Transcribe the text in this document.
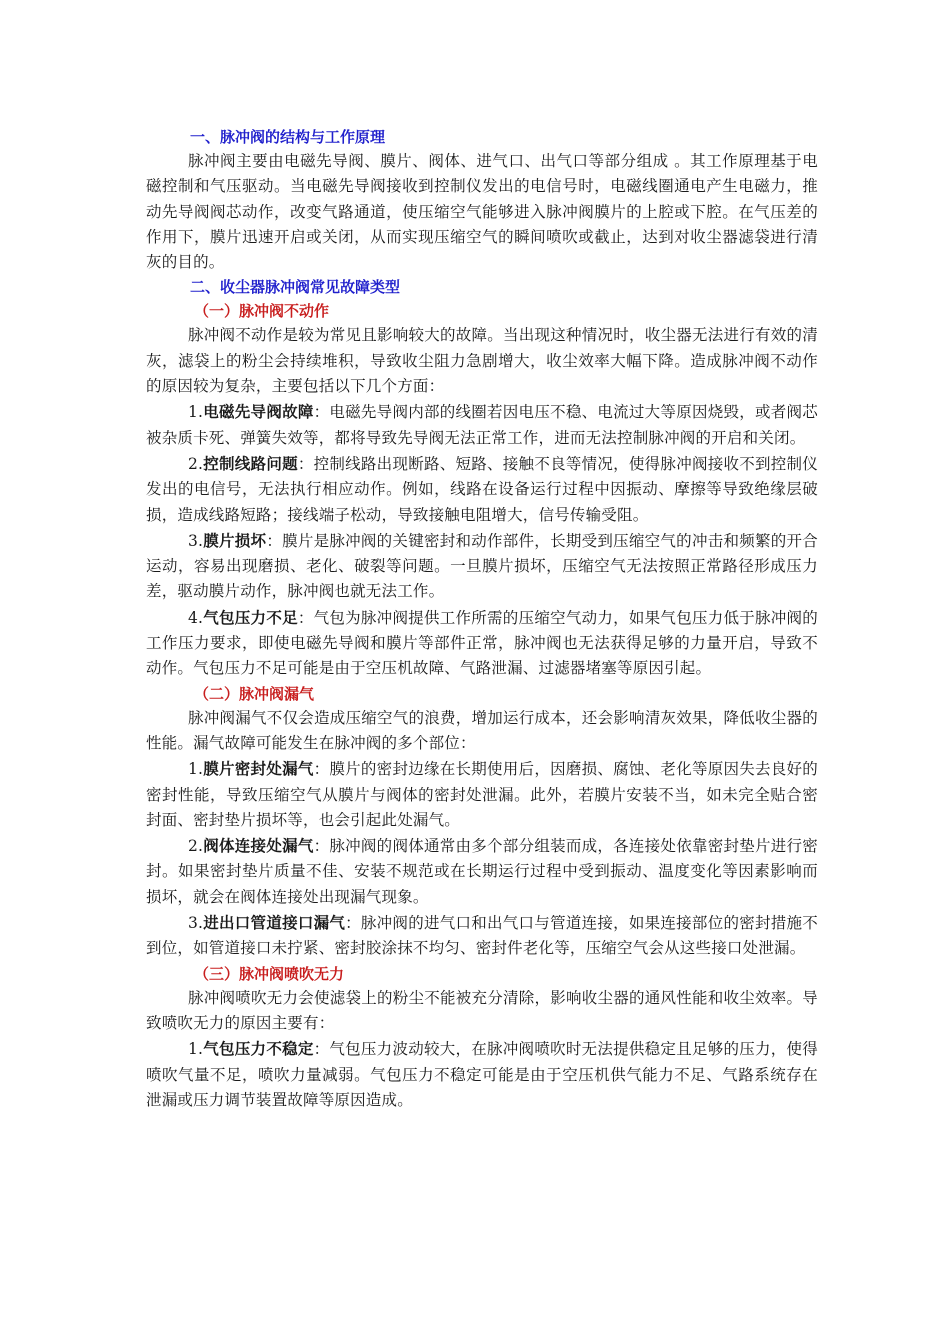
一、脉冲阀的结构与工作原理

脉冲阀主要由电磁先导阀、膜片、阀体、进气口、出气口等部分组成 。其工作原理基于电磁控制和气压驱动。当电磁先导阀接收到控制仪发出的电信号时，电磁线圈通电产生电磁力，推动先导阀阀芯动作，改变气路通道，使压缩空气能够进入脉冲阀膜片的上腔或下腔。在气压差的作用下，膜片迅速开启或关闭，从而实现压缩空气的瞬间喷吹或截止，达到对收尘器滤袋进行清灰的目的。

二、收尘器脉冲阀常见故障类型
（一）脉冲阀不动作

脉冲阀不动作是较为常见且影响较大的故障。当出现这种情况时，收尘器无法进行有效的清灰，滤袋上的粉尘会持续堆积，导致收尘阻力急剧增大，收尘效率大幅下降。造成脉冲阀不动作的原因较为复杂，主要包括以下几个方面：

1.电磁先导阀故障：电磁先导阀内部的线圈若因电压不稳、电流过大等原因烧毁，或者阀芯被杂质卡死、弹簧失效等，都将导致先导阀无法正常工作，进而无法控制脉冲阀的开启和关闭。

2.控制线路问题：控制线路出现断路、短路、接触不良等情况，使得脉冲阀接收不到控制仪发出的电信号，无法执行相应动作。例如，线路在设备运行过程中因振动、摩擦等导致绝缘层破损，造成线路短路；接线端子松动，导致接触电阻增大，信号传输受阻。

3.膜片损坏：膜片是脉冲阀的关键密封和动作部件，长期受到压缩空气的冲击和频繁的开合运动，容易出现磨损、老化、破裂等问题。一旦膜片损坏，压缩空气无法按照正常路径形成压力差，驱动膜片动作，脉冲阀也就无法工作。

4.气包压力不足：气包为脉冲阀提供工作所需的压缩空气动力，如果气包压力低于脉冲阀的工作压力要求，即使电磁先导阀和膜片等部件正常，脉冲阀也无法获得足够的力量开启，导致不动作。气包压力不足可能是由于空压机故障、气路泄漏、过滤器堵塞等原因引起。

（二）脉冲阀漏气

脉冲阀漏气不仅会造成压缩空气的浪费，增加运行成本，还会影响清灰效果，降低收尘器的性能。漏气故障可能发生在脉冲阀的多个部位：

1.膜片密封处漏气：膜片的密封边缘在长期使用后，因磨损、腐蚀、老化等原因失去良好的密封性能，导致压缩空气从膜片与阀体的密封处泄漏。此外，若膜片安装不当，如未完全贴合密封面、密封垫片损坏等，也会引起此处漏气。

2.阀体连接处漏气：脉冲阀的阀体通常由多个部分组装而成，各连接处依靠密封垫片进行密封。如果密封垫片质量不佳、安装不规范或在长期运行过程中受到振动、温度变化等因素影响而损坏，就会在阀体连接处出现漏气现象。

3.进出口管道接口漏气：脉冲阀的进气口和出气口与管道连接，如果连接部位的密封措施不到位，如管道接口未拧紧、密封胶涂抹不均匀、密封件老化等，压缩空气会从这些接口处泄漏。

（三）脉冲阀喷吹无力

脉冲阀喷吹无力会使滤袋上的粉尘不能被充分清除，影响收尘器的通风性能和收尘效率。导致喷吹无力的原因主要有：

1.气包压力不稳定：气包压力波动较大，在脉冲阀喷吹时无法提供稳定且足够的压力，使得喷吹气量不足，喷吹力量减弱。气包压力不稳定可能是由于空压机供气能力不足、气路系统存在泄漏或压力调节装置故障等原因造成。
